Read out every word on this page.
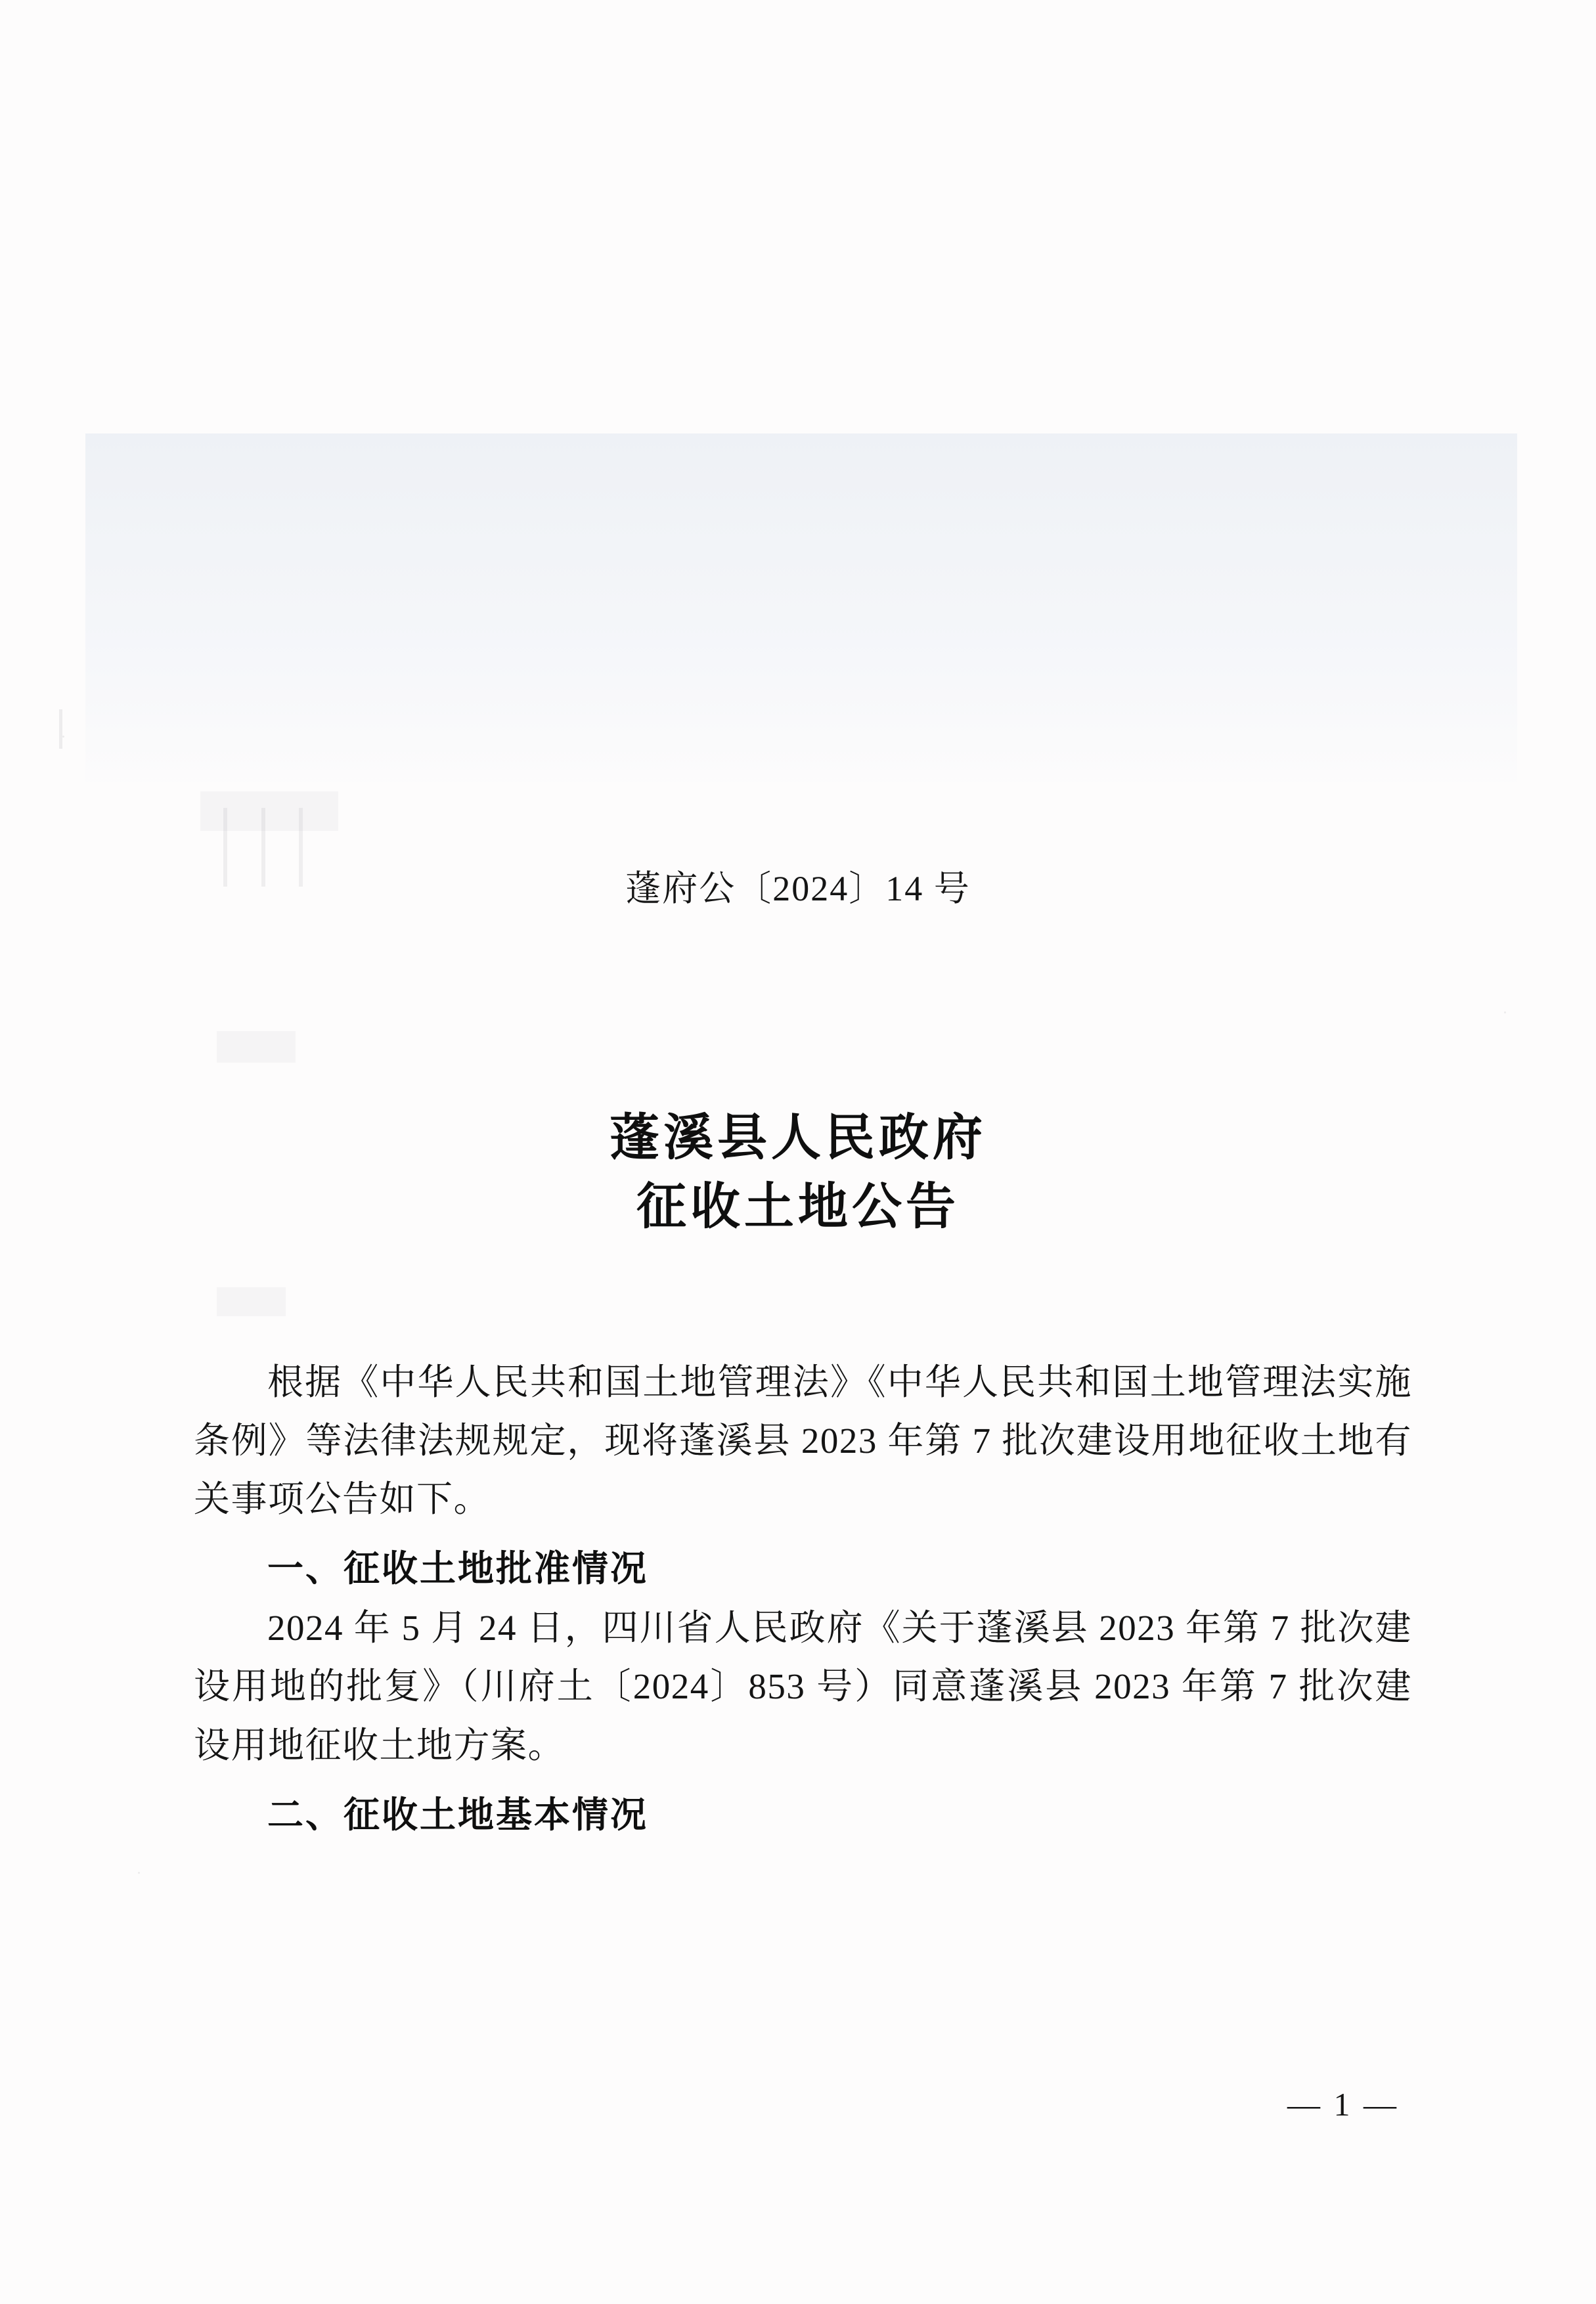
蓬府公〔2024〕14 号
蓬溪县人民政府
征收土地公告

根据《中华人民共和国土地管理法》《中华人民共和国土地管理法实施条例》等法律法规规定，现将蓬溪县 2023 年第 7 批次建设用地征收土地有关事项公告如下。

一、征收土地批准情况

2024 年 5 月 24 日，四川省人民政府《关于蓬溪县 2023 年第 7 批次建设用地的批复》（川府土〔2024〕853 号）同意蓬溪县 2023 年第 7 批次建设用地征收土地方案。

二、征收土地基本情况
— 1 —
